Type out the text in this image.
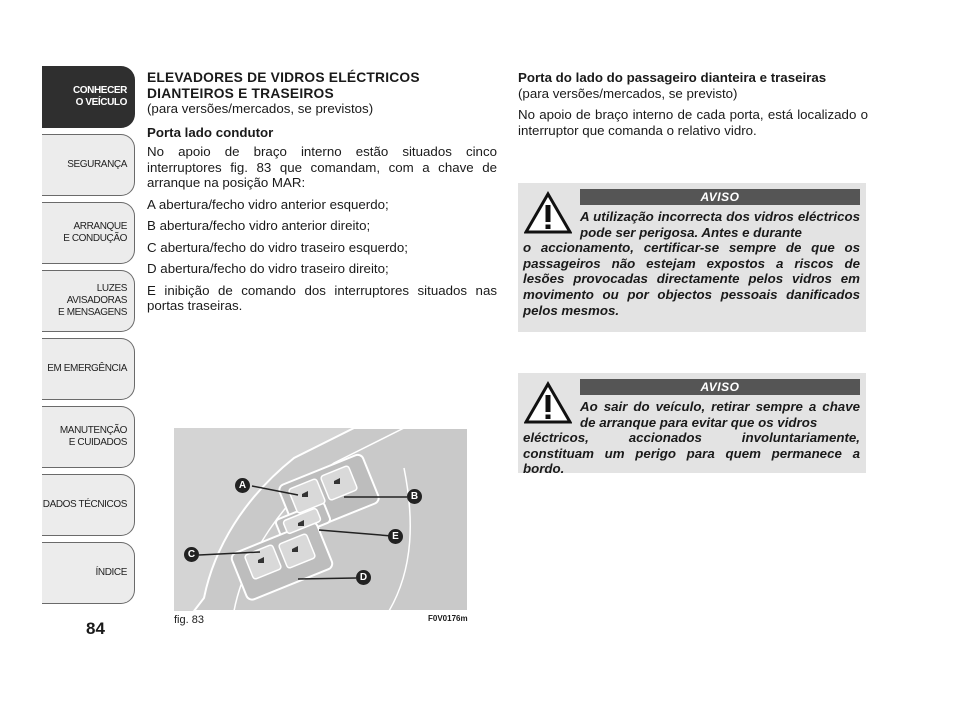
CONHECER
O VEÍCULO
SEGURANÇA
ARRANQUE
E CONDUÇÃO
LUZES AVISADORAS
E MENSAGENS
EM EMERGÊNCIA
MANUTENÇÃO
E CUIDADOS
DADOS TÉCNICOS
ÍNDICE
84
ELEVADORES DE VIDROS ELÉCTRICOS DIANTEIROS E TRASEIROS
(para versões/mercados, se previstos)
Porta lado condutor

No apoio de braço interno estão situados cinco interruptores fig. 83 que comandam, com a chave de arranque na posição MAR:

A abertura/fecho vidro anterior esquerdo;

B abertura/fecho vidro anterior direito;

C abertura/fecho do vidro traseiro esquerdo;

D abertura/fecho do vidro traseiro direito;

E inibição de comando dos interruptores situados nas portas traseiras.

Porta do lado do passageiro dianteira e traseiras
(para versões/mercados, se previsto)

No apoio de braço interno de cada porta, está localizado o interruptor que comanda o relativo vidro.

AVISO
A utilização incorrecta dos vidros eléctricos pode ser perigosa. Antes e durante
o accionamento, certificar-se sempre de que os passageiros não estejam expostos a riscos de lesões provocadas directamente pelos vidros em movimento ou por objectos pessoais danificados pelos mesmos.
AVISO
Ao sair do veículo, retirar sempre a chave de arranque para evitar que os vidros
eléctricos, accionados involuntariamente, constituam um perigo para quem permanece a bordo.
A
B
E
C
D
fig. 83	F0V0176m
